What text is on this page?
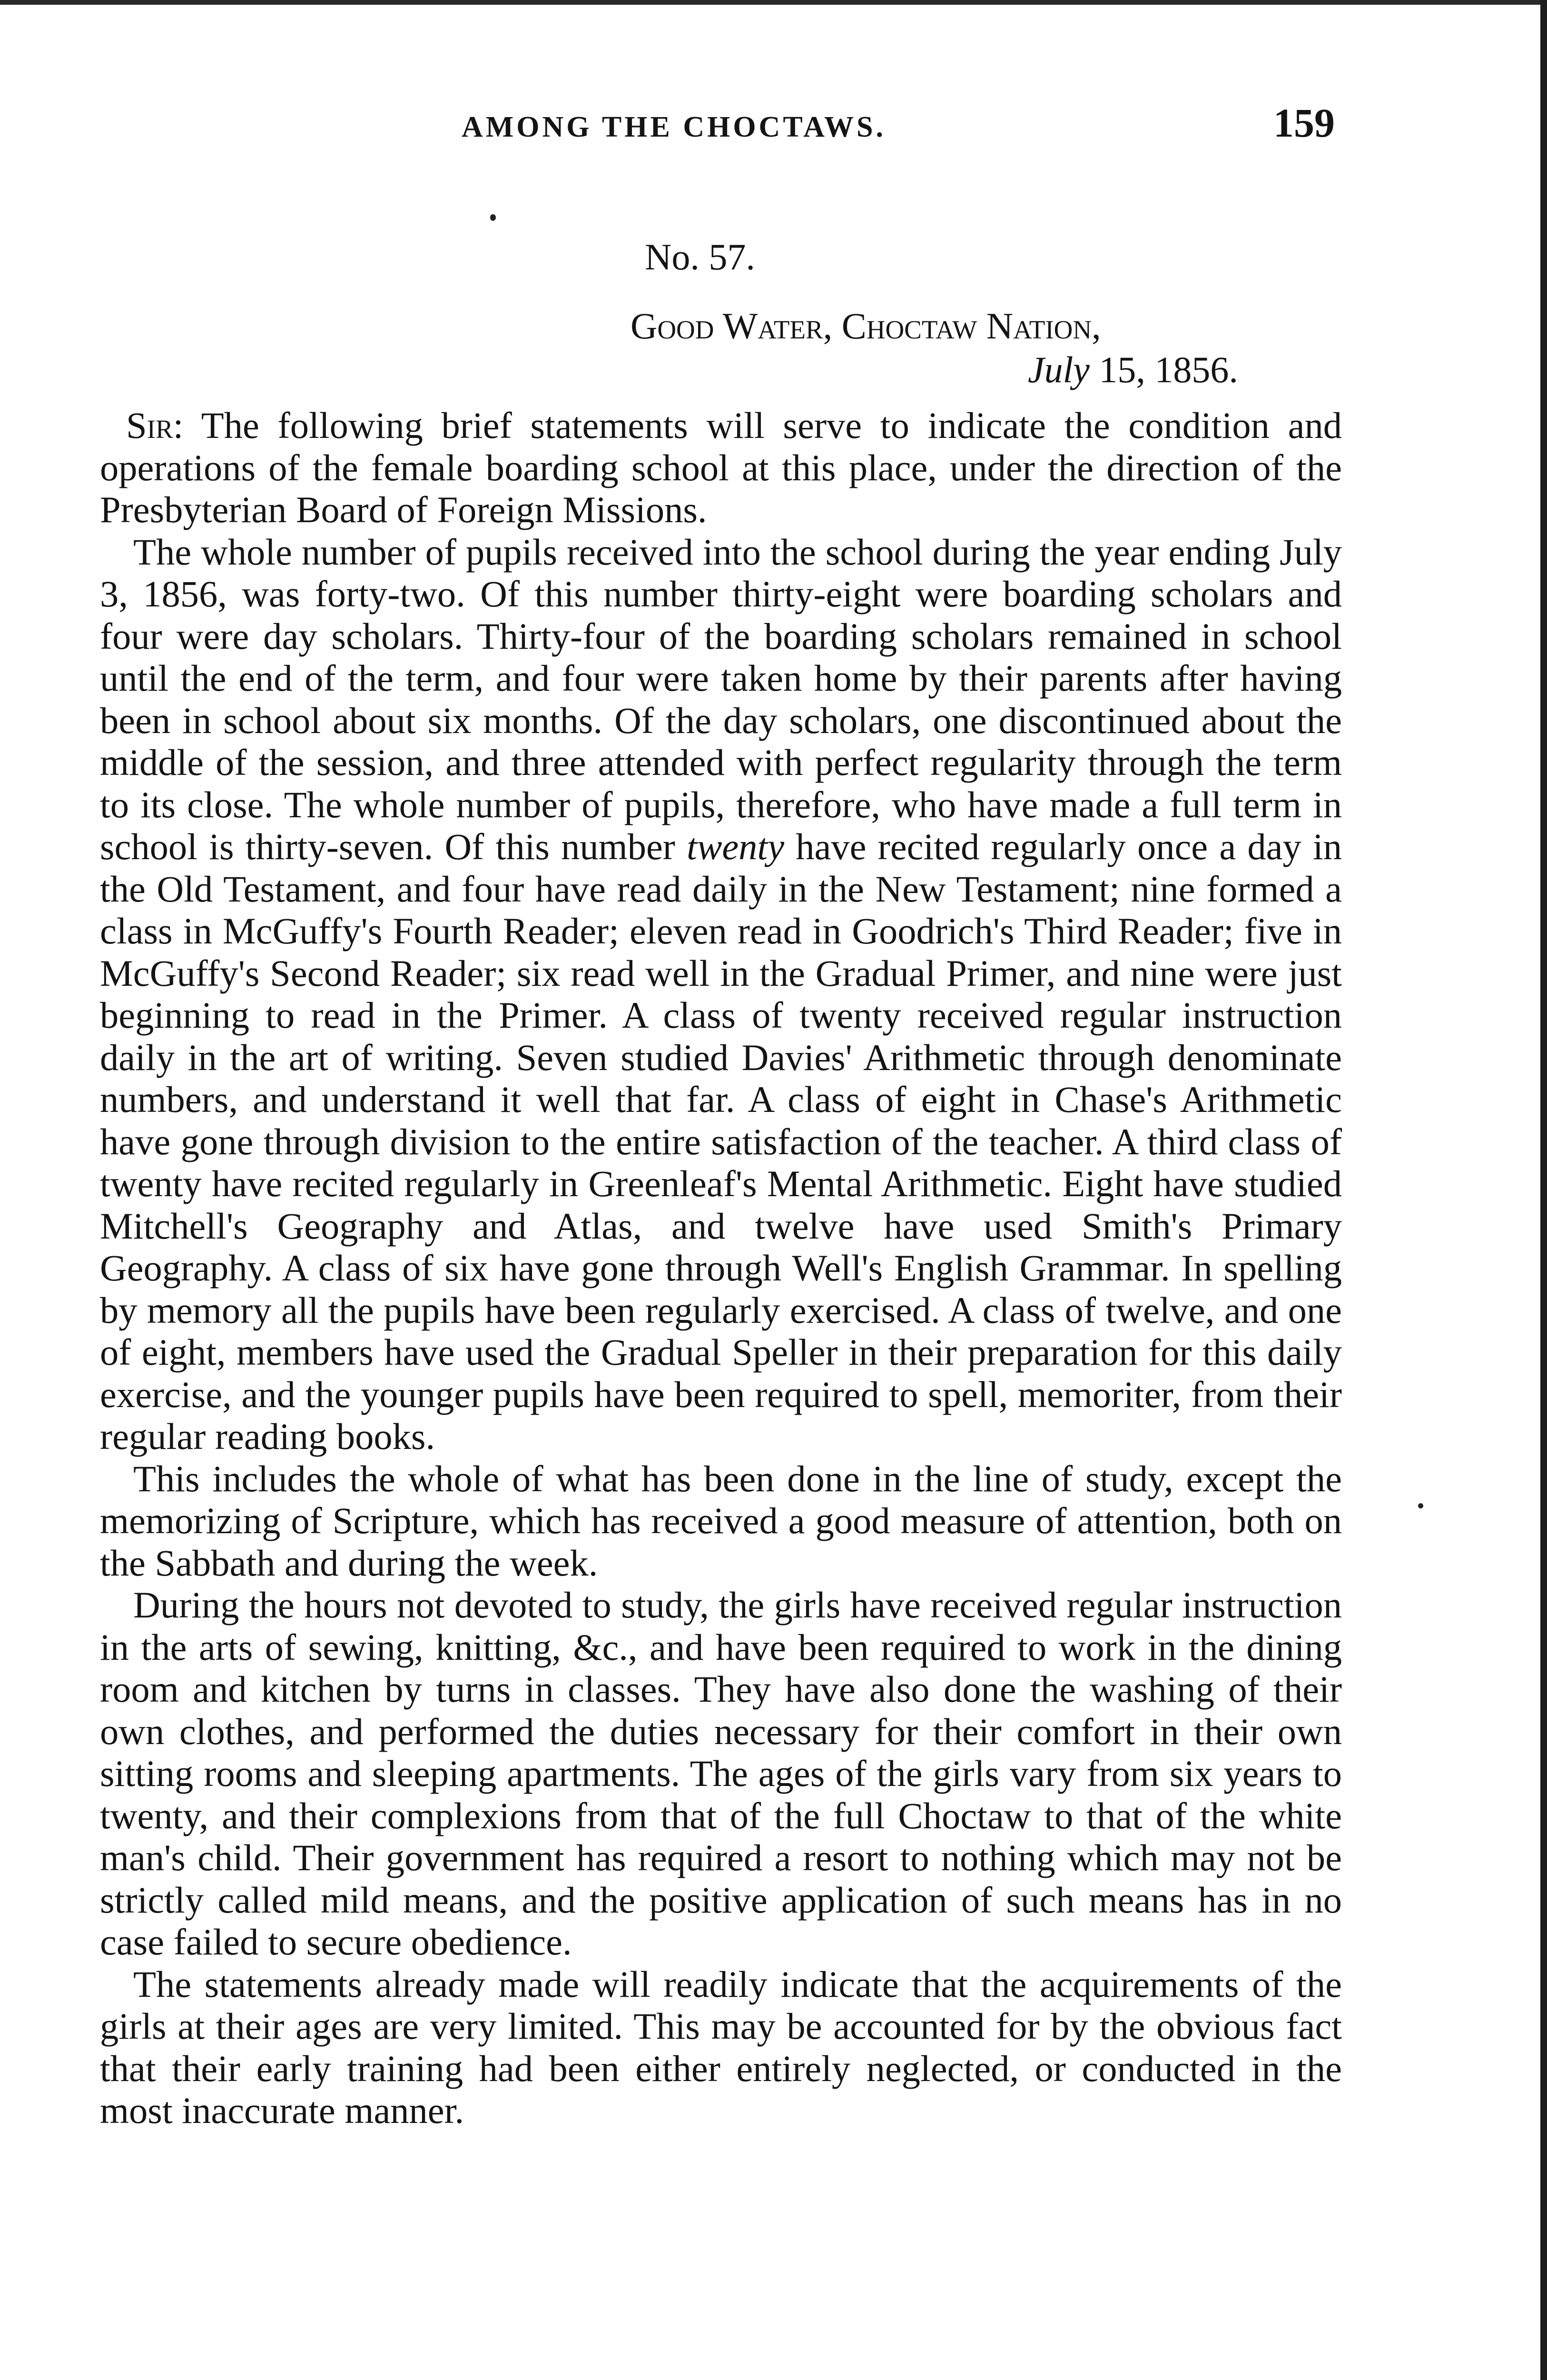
AMONG THE CHOCTAWS.	159
No. 57.
Good Water, Choctaw Nation,
July 15, 1856.

Sir: The following brief statements will serve to indicate the condition and operations of the female boarding school at this place, under the direction of the Presbyterian Board of Foreign Missions.

The whole number of pupils received into the school during the year ending July 3, 1856, was forty-two. Of this number thirty-eight were boarding scholars and four were day scholars. Thirty-four of the boarding scholars remained in school until the end of the term, and four were taken home by their parents after having been in school about six months. Of the day scholars, one discontinued about the middle of the session, and three attended with perfect regularity through the term to its close. The whole number of pupils, therefore, who have made a full term in school is thirty-seven. Of this number twenty have recited regularly once a day in the Old Testament, and four have read daily in the New Testament; nine formed a class in McGuffy's Fourth Reader; eleven read in Goodrich's Third Reader; five in McGuffy's Second Reader; six read well in the Gradual Primer, and nine were just beginning to read in the Primer. A class of twenty received regular instruction daily in the art of writing. Seven studied Davies' Arithmetic through denominate numbers, and understand it well that far. A class of eight in Chase's Arithmetic have gone through division to the entire satisfaction of the teacher. A third class of twenty have recited regularly in Greenleaf's Mental Arithmetic. Eight have studied Mitchell's Geography and Atlas, and twelve have used Smith's Primary Geography. A class of six have gone through Well's English Grammar. In spelling by memory all the pupils have been regularly exercised. A class of twelve, and one of eight, members have used the Gradual Speller in their preparation for this daily exercise, and the younger pupils have been required to spell, memoriter, from their regular reading books.

This includes the whole of what has been done in the line of study, except the memorizing of Scripture, which has received a good measure of attention, both on the Sabbath and during the week.

During the hours not devoted to study, the girls have received regular instruction in the arts of sewing, knitting, &c., and have been required to work in the dining room and kitchen by turns in classes. They have also done the washing of their own clothes, and performed the duties necessary for their comfort in their own sitting rooms and sleeping apartments. The ages of the girls vary from six years to twenty, and their complexions from that of the full Choctaw to that of the white man's child. Their government has required a resort to nothing which may not be strictly called mild means, and the positive application of such means has in no case failed to secure obedience.

The statements already made will readily indicate that the acquirements of the girls at their ages are very limited. This may be accounted for by the obvious fact that their early training had been either entirely neglected, or conducted in the most inaccurate manner.
